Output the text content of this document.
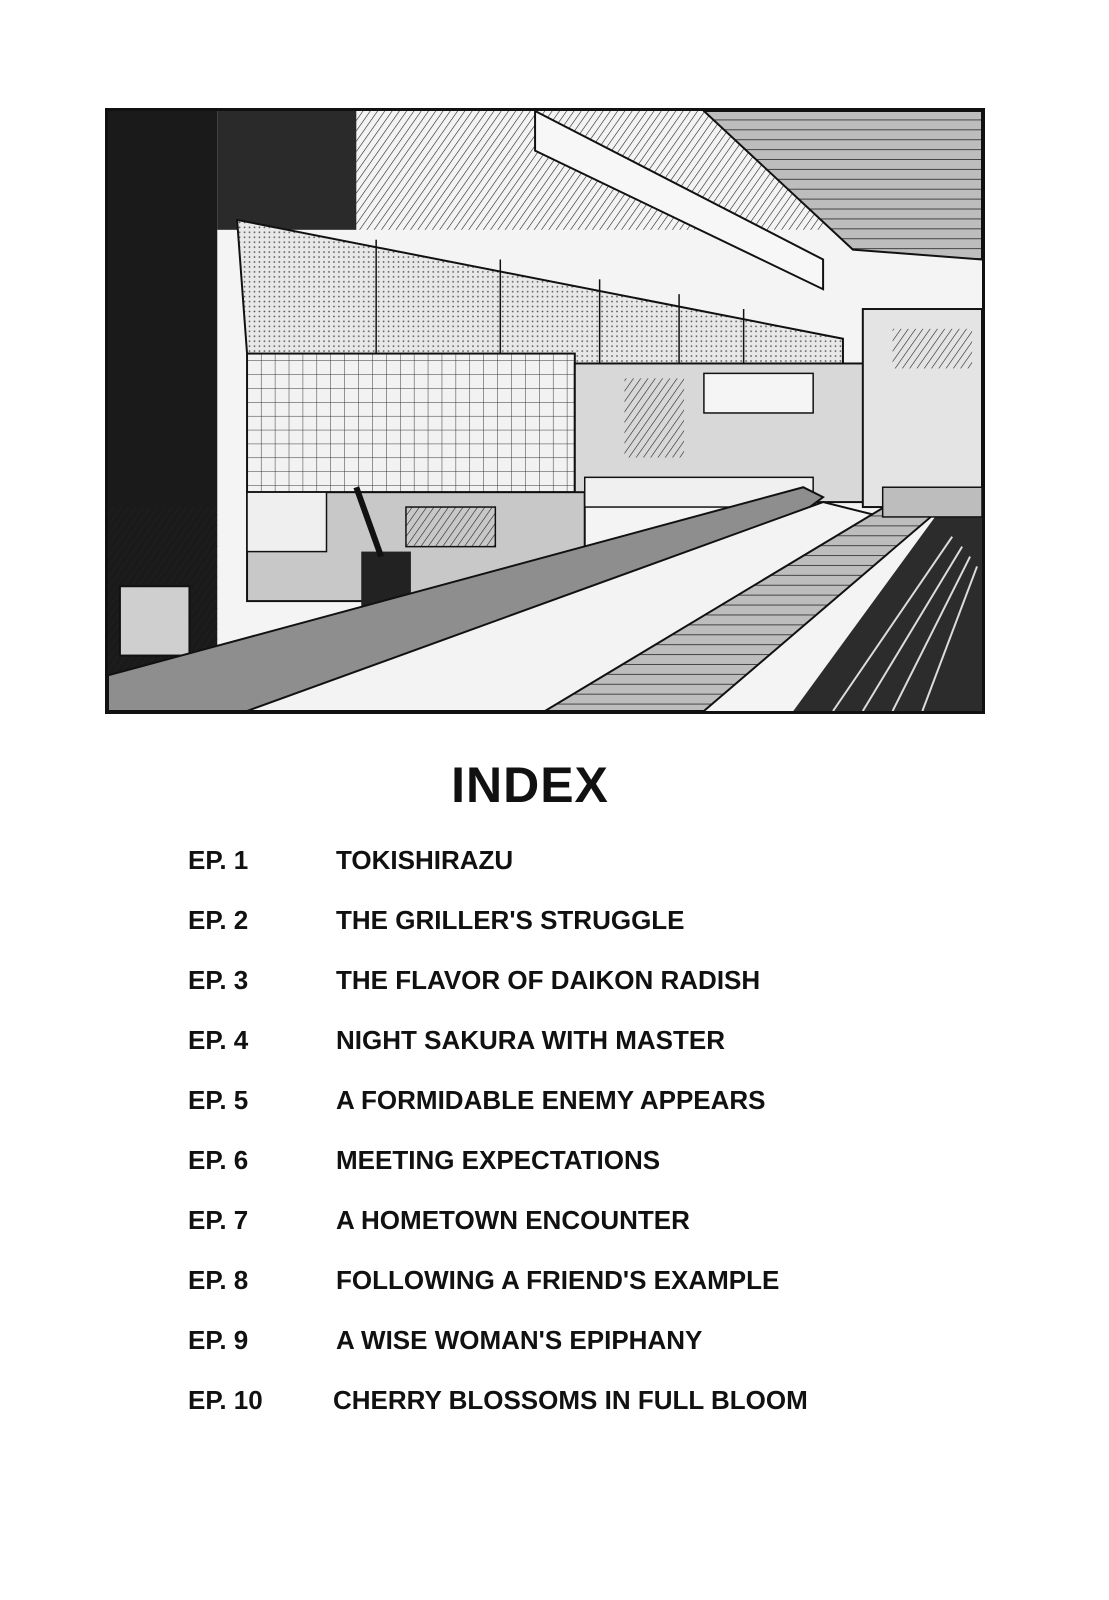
INDEX
EP. 1	TOKISHIRAZU
EP. 2	THE GRILLER'S STRUGGLE
EP. 3	THE FLAVOR OF DAIKON RADISH
EP. 4	NIGHT SAKURA WITH MASTER
EP. 5	A FORMIDABLE ENEMY APPEARS
EP. 6	MEETING EXPECTATIONS
EP. 7	A HOMETOWN ENCOUNTER
EP. 8	FOLLOWING A FRIEND'S EXAMPLE
EP. 9	A WISE WOMAN'S EPIPHANY
EP. 10	CHERRY BLOSSOMS IN FULL BLOOM
